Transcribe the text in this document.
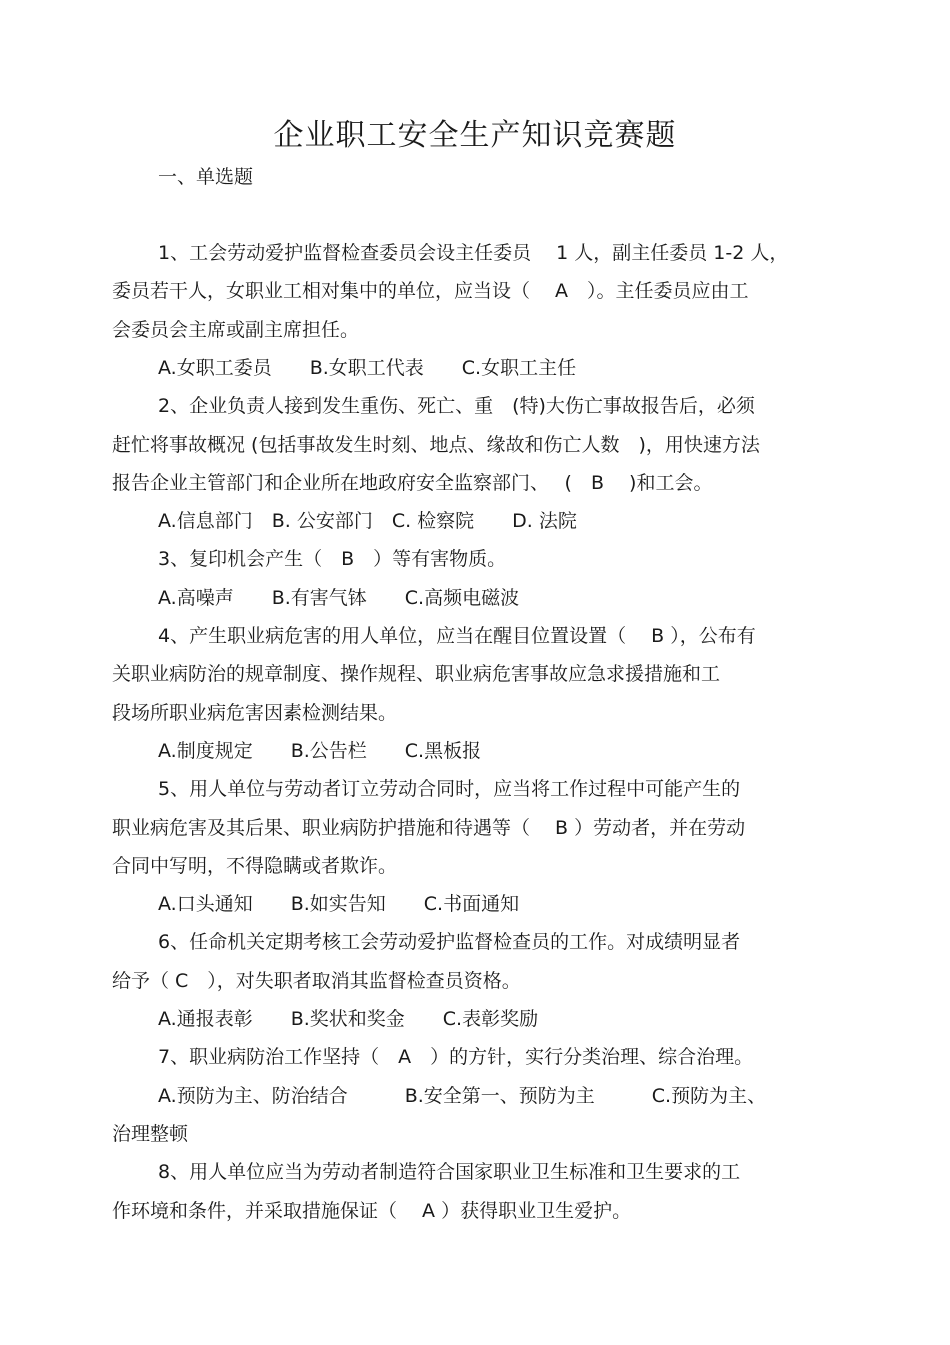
企业职工安全生产知识竞赛题
一、单选题
1、工会劳动爱护监督检查委员会设主任委员　 1 人，副主任委员 1-2 人，
委员若干人，女职业工相对集中的单位，应当设（　 A　）。主任委员应由工
会委员会主席或副主席担任。
A.女职工委员　　B.女职工代表　　C.女职工主任
2、企业负责人接到发生重伤、死亡、重　(特)大伤亡事故报告后，必须
赶忙将事故概况 (包括事故发生时刻、地点、缘故和伤亡人数　)，用快速方法
报告企业主管部门和企业所在地政府安全监察部门、　 (　B　 )和工会。
A.信息部门　B. 公安部门　C. 检察院　　D. 法院
3、复印机会产生（　B　）等有害物质。
A.高噪声　　B.有害气钵　　C.高频电磁波
4、产生职业病危害的用人单位，应当在醒目位置设置（　 B ），公布有
关职业病防治的规章制度、操作规程、职业病危害事故应急求援措施和工
段场所职业病危害因素检测结果。
A.制度规定　　B.公告栏　　C.黑板报
5、用人单位与劳动者订立劳动合同时，应当将工作过程中可能产生的
职业病危害及其后果、职业病防护措施和待遇等（　 B ）劳动者，并在劳动
合同中写明，不得隐瞒或者欺诈。
A.口头通知　　B.如实告知　　C.书面通知
6、任命机关定期考核工会劳动爱护监督检查员的工作。对成绩明显者
给予（ C　），对失职者取消其监督检查员资格。
A.通报表彰　　B.奖状和奖金　　C.表彰奖励
7、职业病防治工作坚持（　A　）的方针，实行分类治理、综合治理。
A.预防为主、防治结合　　　B.安全第一、预防为主　　　C.预防为主、
治理整顿
8、用人单位应当为劳动者制造符合国家职业卫生标准和卫生要求的工
作环境和条件，并采取措施保证（　 A ）获得职业卫生爱护。
